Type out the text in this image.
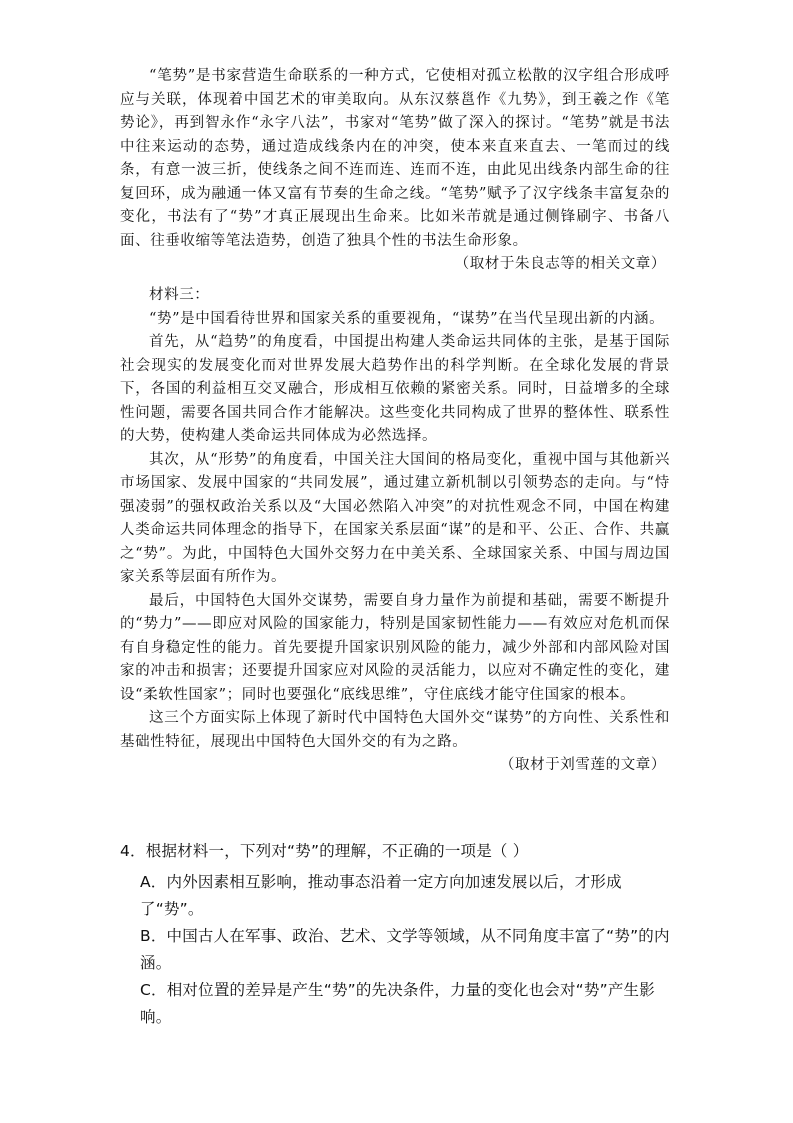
“笔势”是书家营造生命联系的一种方式，它使相对孤立松散的汉字组合形成呼应与关联，体现着中国艺术的审美取向。从东汉蔡邕作《九势》，到王羲之作《笔势论》，再到智永作“永字八法”，书家对“笔势”做了深入的探讨。“笔势”就是书法中往来运动的态势，通过造成线条内在的冲突，使本来直来直去、一笔而过的线条，有意一波三折，使线条之间不连而连、连而不连，由此见出线条内部生命的往复回环，成为融通一体又富有节奏的生命之线。“笔势”赋予了汉字线条丰富复杂的变化，书法有了“势”才真正展现出生命来。比如米芾就是通过侧锋刷字、书备八面、往垂收缩等笔法造势，创造了独具个性的书法生命形象。

（取材于朱良志等的相关文章）

材料三：

“势”是中国看待世界和国家关系的重要视角，“谋势”在当代呈现出新的内涵。

首先，从“趋势”的角度看，中国提出构建人类命运共同体的主张，是基于国际社会现实的发展变化而对世界发展大趋势作出的科学判断。在全球化发展的背景下，各国的利益相互交叉融合，形成相互依赖的紧密关系。同时，日益增多的全球性问题，需要各国共同合作才能解决。这些变化共同构成了世界的整体性、联系性的大势，使构建人类命运共同体成为必然选择。

其次，从“形势”的角度看，中国关注大国间的格局变化，重视中国与其他新兴市场国家、发展中国家的“共同发展”，通过建立新机制以引领势态的走向。与“恃强凌弱”的强权政治关系以及“大国必然陷入冲突”的对抗性观念不同，中国在构建人类命运共同体理念的指导下，在国家关系层面“谋”的是和平、公正、合作、共赢之“势”。为此，中国特色大国外交努力在中美关系、全球国家关系、中国与周边国家关系等层面有所作为。

最后，中国特色大国外交谋势，需要自身力量作为前提和基础，需要不断提升的“势力”——即应对风险的国家能力，特别是国家韧性能力——有效应对危机而保有自身稳定性的能力。首先要提升国家识别风险的能力，减少外部和内部风险对国家的冲击和损害；还要提升国家应对风险的灵活能力，以应对不确定性的变化，建设“柔软性国家”；同时也要强化“底线思维”，守住底线才能守住国家的根本。

这三个方面实际上体现了新时代中国特色大国外交“谋势”的方向性、关系性和基础性特征，展现出中国特色大国外交的有为之路。

（取材于刘雪莲的文章）

4．根据材料一，下列对“势”的理解，不正确的一项是（ ）

A．内外因素相互影响，推动事态沿着一定方向加速发展以后，才形成了“势”。

B．中国古人在军事、政治、艺术、文学等领域，从不同角度丰富了“势”的内涵。

C．相对位置的差异是产生“势”的先决条件，力量的变化也会对“势”产生影响。
